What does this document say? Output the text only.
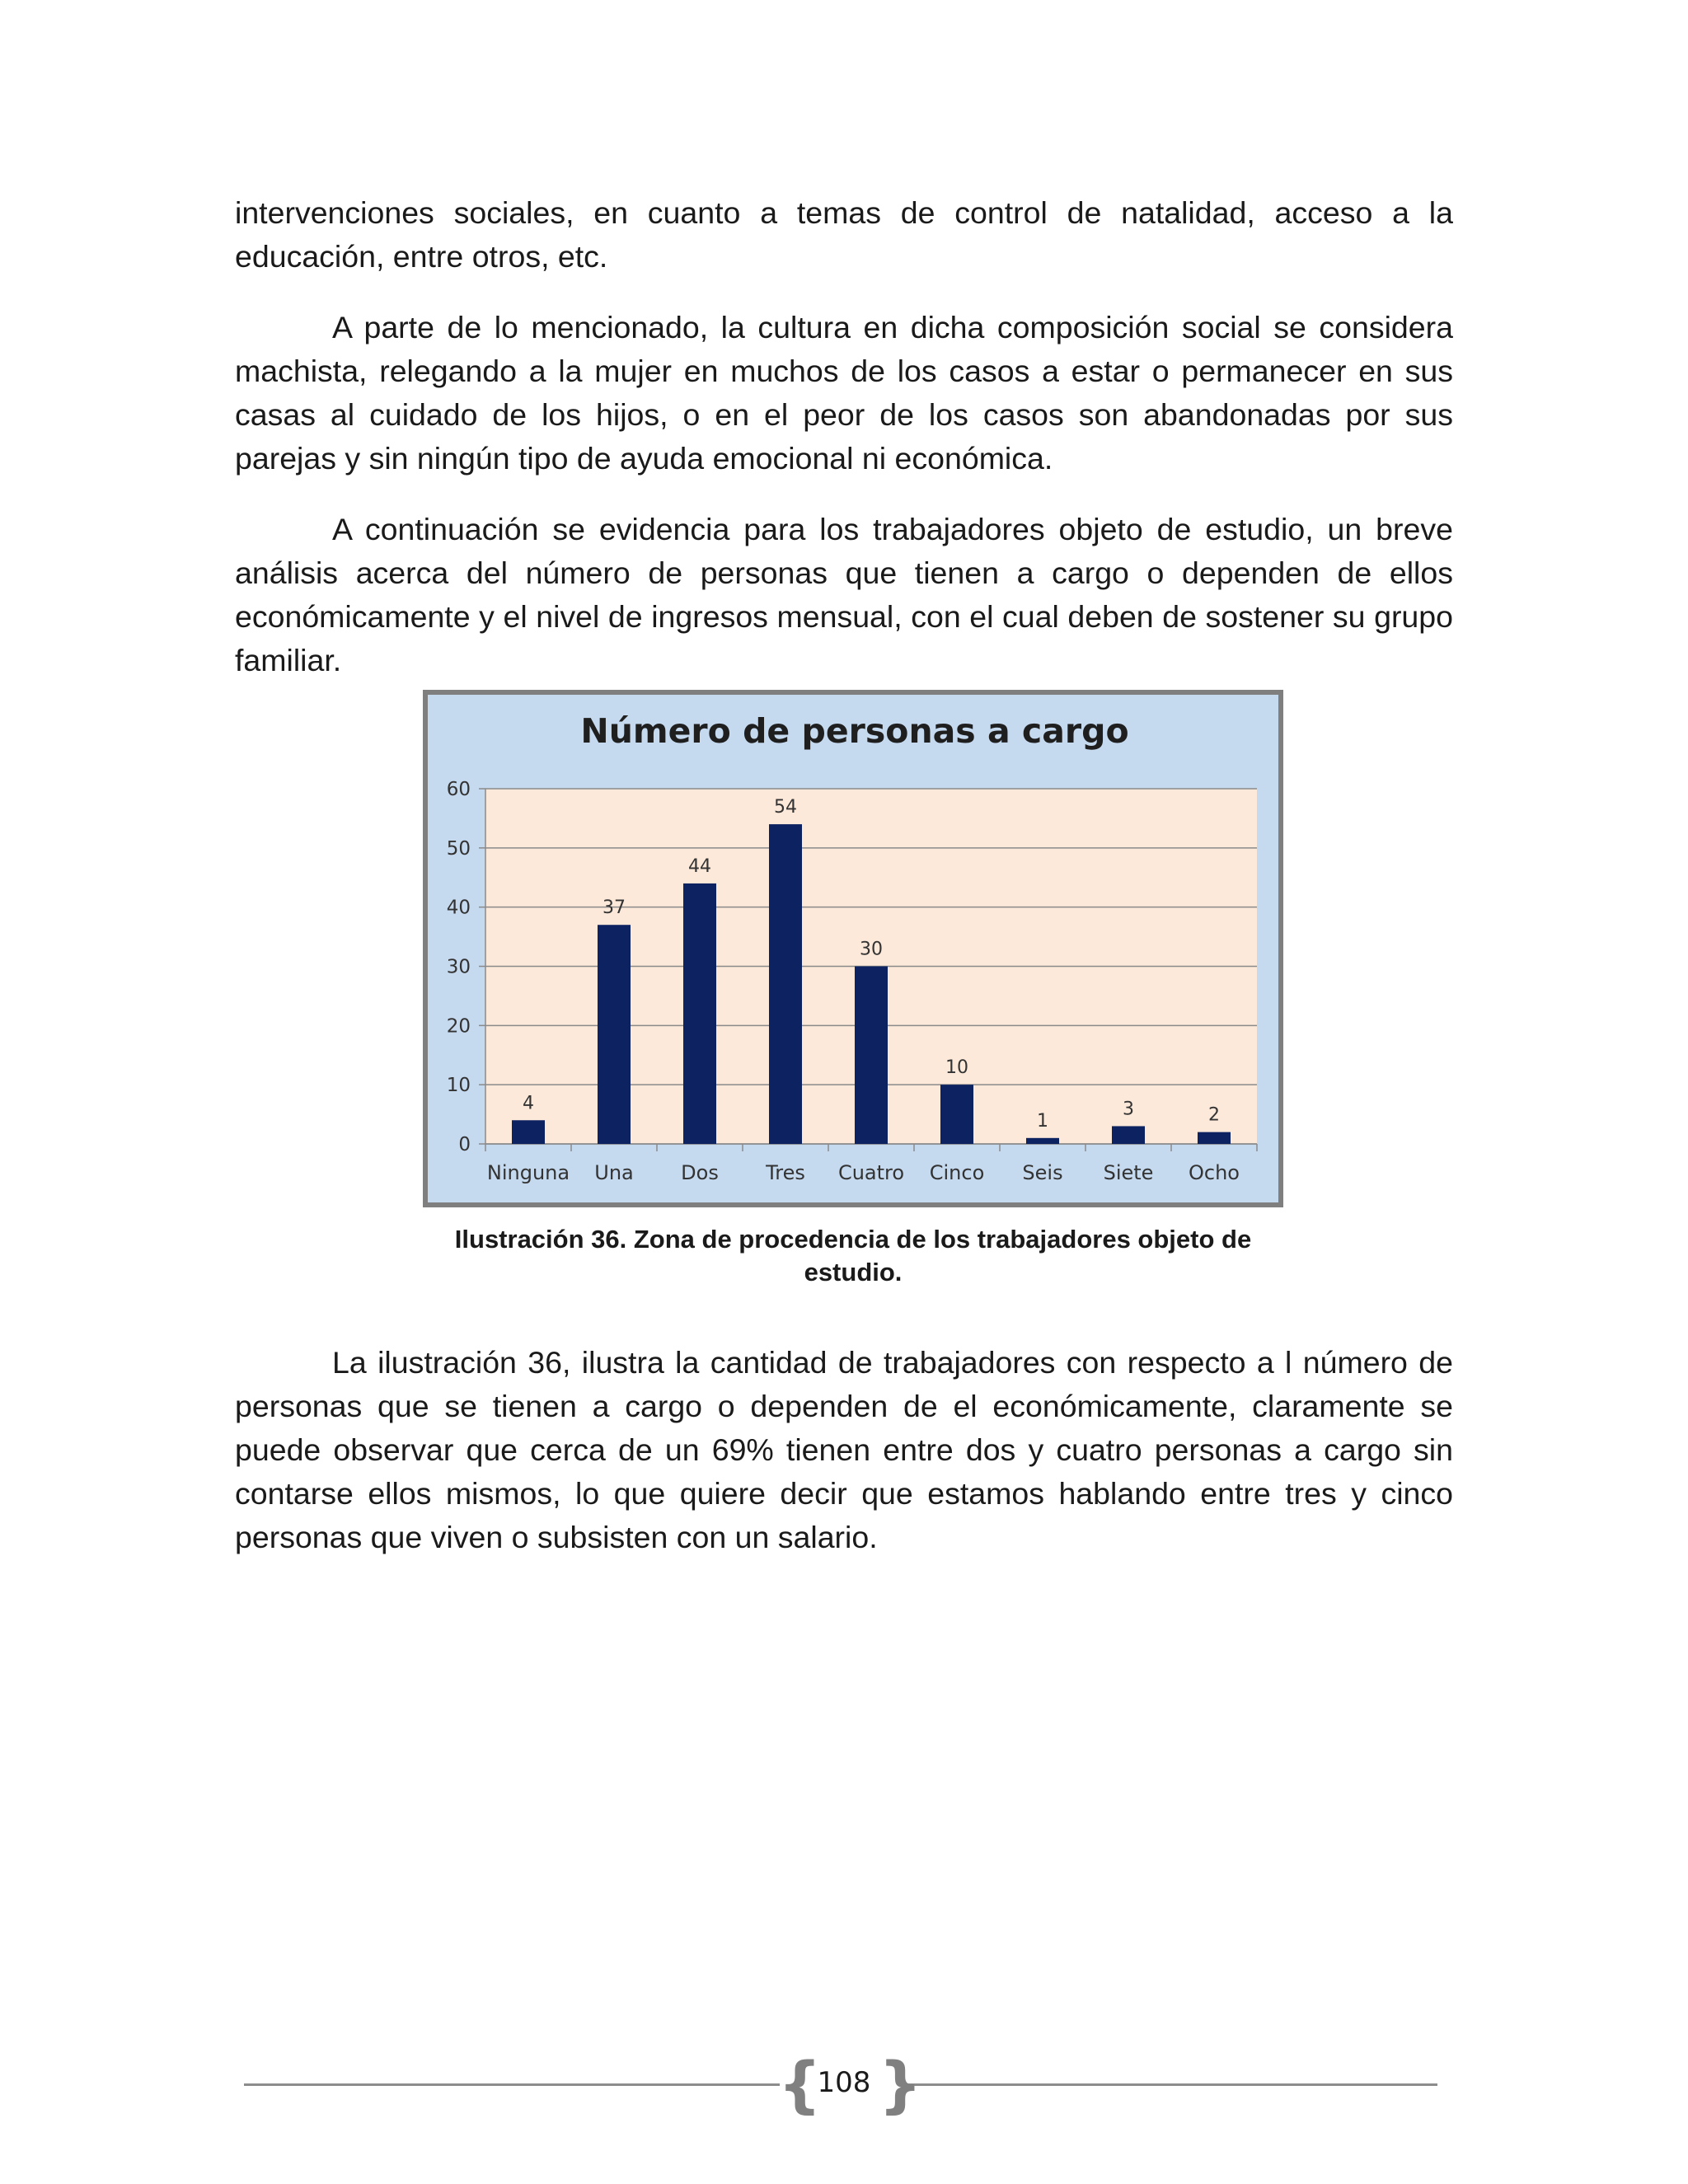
intervenciones sociales, en cuanto a temas de control de natalidad, acceso a la educación, entre otros, etc.

A parte de lo mencionado, la cultura en dicha composición social se considera machista, relegando a la mujer en muchos de los casos a estar o permanecer en sus casas al cuidado de los hijos, o en el peor de los casos son abandonadas por sus parejas y sin ningún tipo de ayuda emocional ni económica.

A continuación se evidencia para los trabajadores objeto de estudio, un breve análisis acerca del número de personas que tienen a cargo o dependen de ellos económicamente y el nivel de ingresos mensual, con el cual deben de sostener su grupo familiar.

Número de personas a cargo
0
10
20
30
40
50
60
4
Ninguna
37
Una
44
Dos
54
Tres
30
Cuatro
10
Cinco
1
Seis
3
Siete
2
Ocho

Ilustración 36. Zona de procedencia de los trabajadores objeto de estudio.

La ilustración 36, ilustra la cantidad de trabajadores con respecto a l número de personas que se tienen a cargo o dependen de el económicamente, claramente se puede observar que cerca de un 69% tienen entre dos y cuatro personas a cargo sin contarse ellos mismos, lo que quiere decir que estamos hablando entre tres y cinco personas que viven o subsisten con un salario.

{ }
108
